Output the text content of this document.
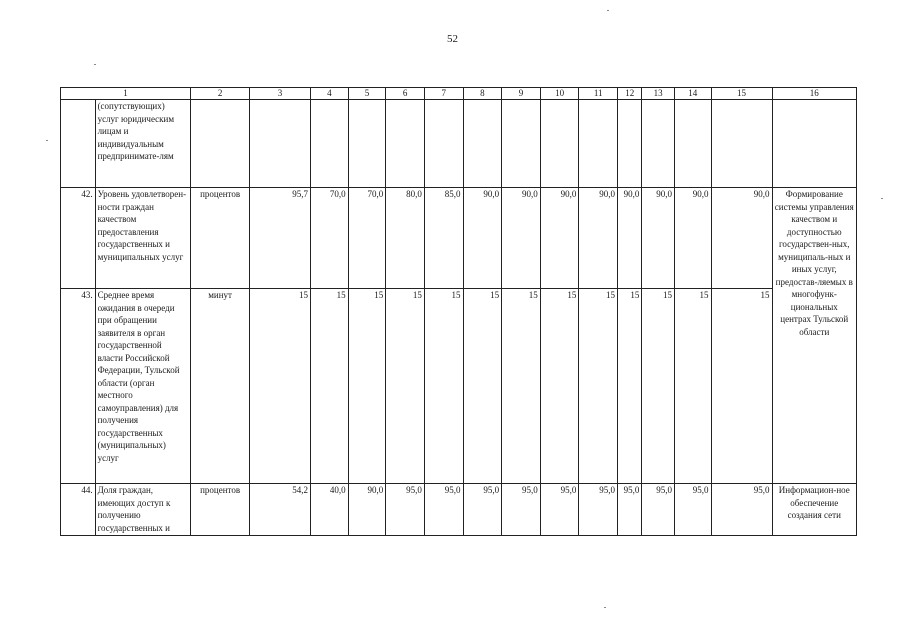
52
1		2	3	4	5	6	7	8	9	10	11	12	13	14	15	16
	(сопутствующих) услуг юридическим лицам и индивидуальным предпринимате-лям															
42.	Уровень удовлетворен-ности граждан качеством предоставления государственных и муниципальных услуг	процентов	95,7	70,0	70,0	80,0	85,0	90,0	90,0	90,0	90,0	90,0	90,0	90,0	90,0	Формирование системы управления качеством и доступностью государствен-ных, муниципаль-ных и иных услуг, предостав-ляемых в многофунк-циональных центрах Тульской области
43.	Среднее время ожидания в очереди при обращении заявителя в орган государственной власти Российской Федерации, Тульской области (орган местного самоуправления) для получения государственных (муниципальных) услуг	минут	15	15	15	15	15	15	15	15	15	15	15	15	15	
44.	Доля граждан, имеющих доступ к получению государственных и	процентов	54,2	40,0	90,0	95,0	95,0	95,0	95,0	95,0	95,0	95,0	95,0	95,0	95,0	Информацион-ное обеспечение создания сети
